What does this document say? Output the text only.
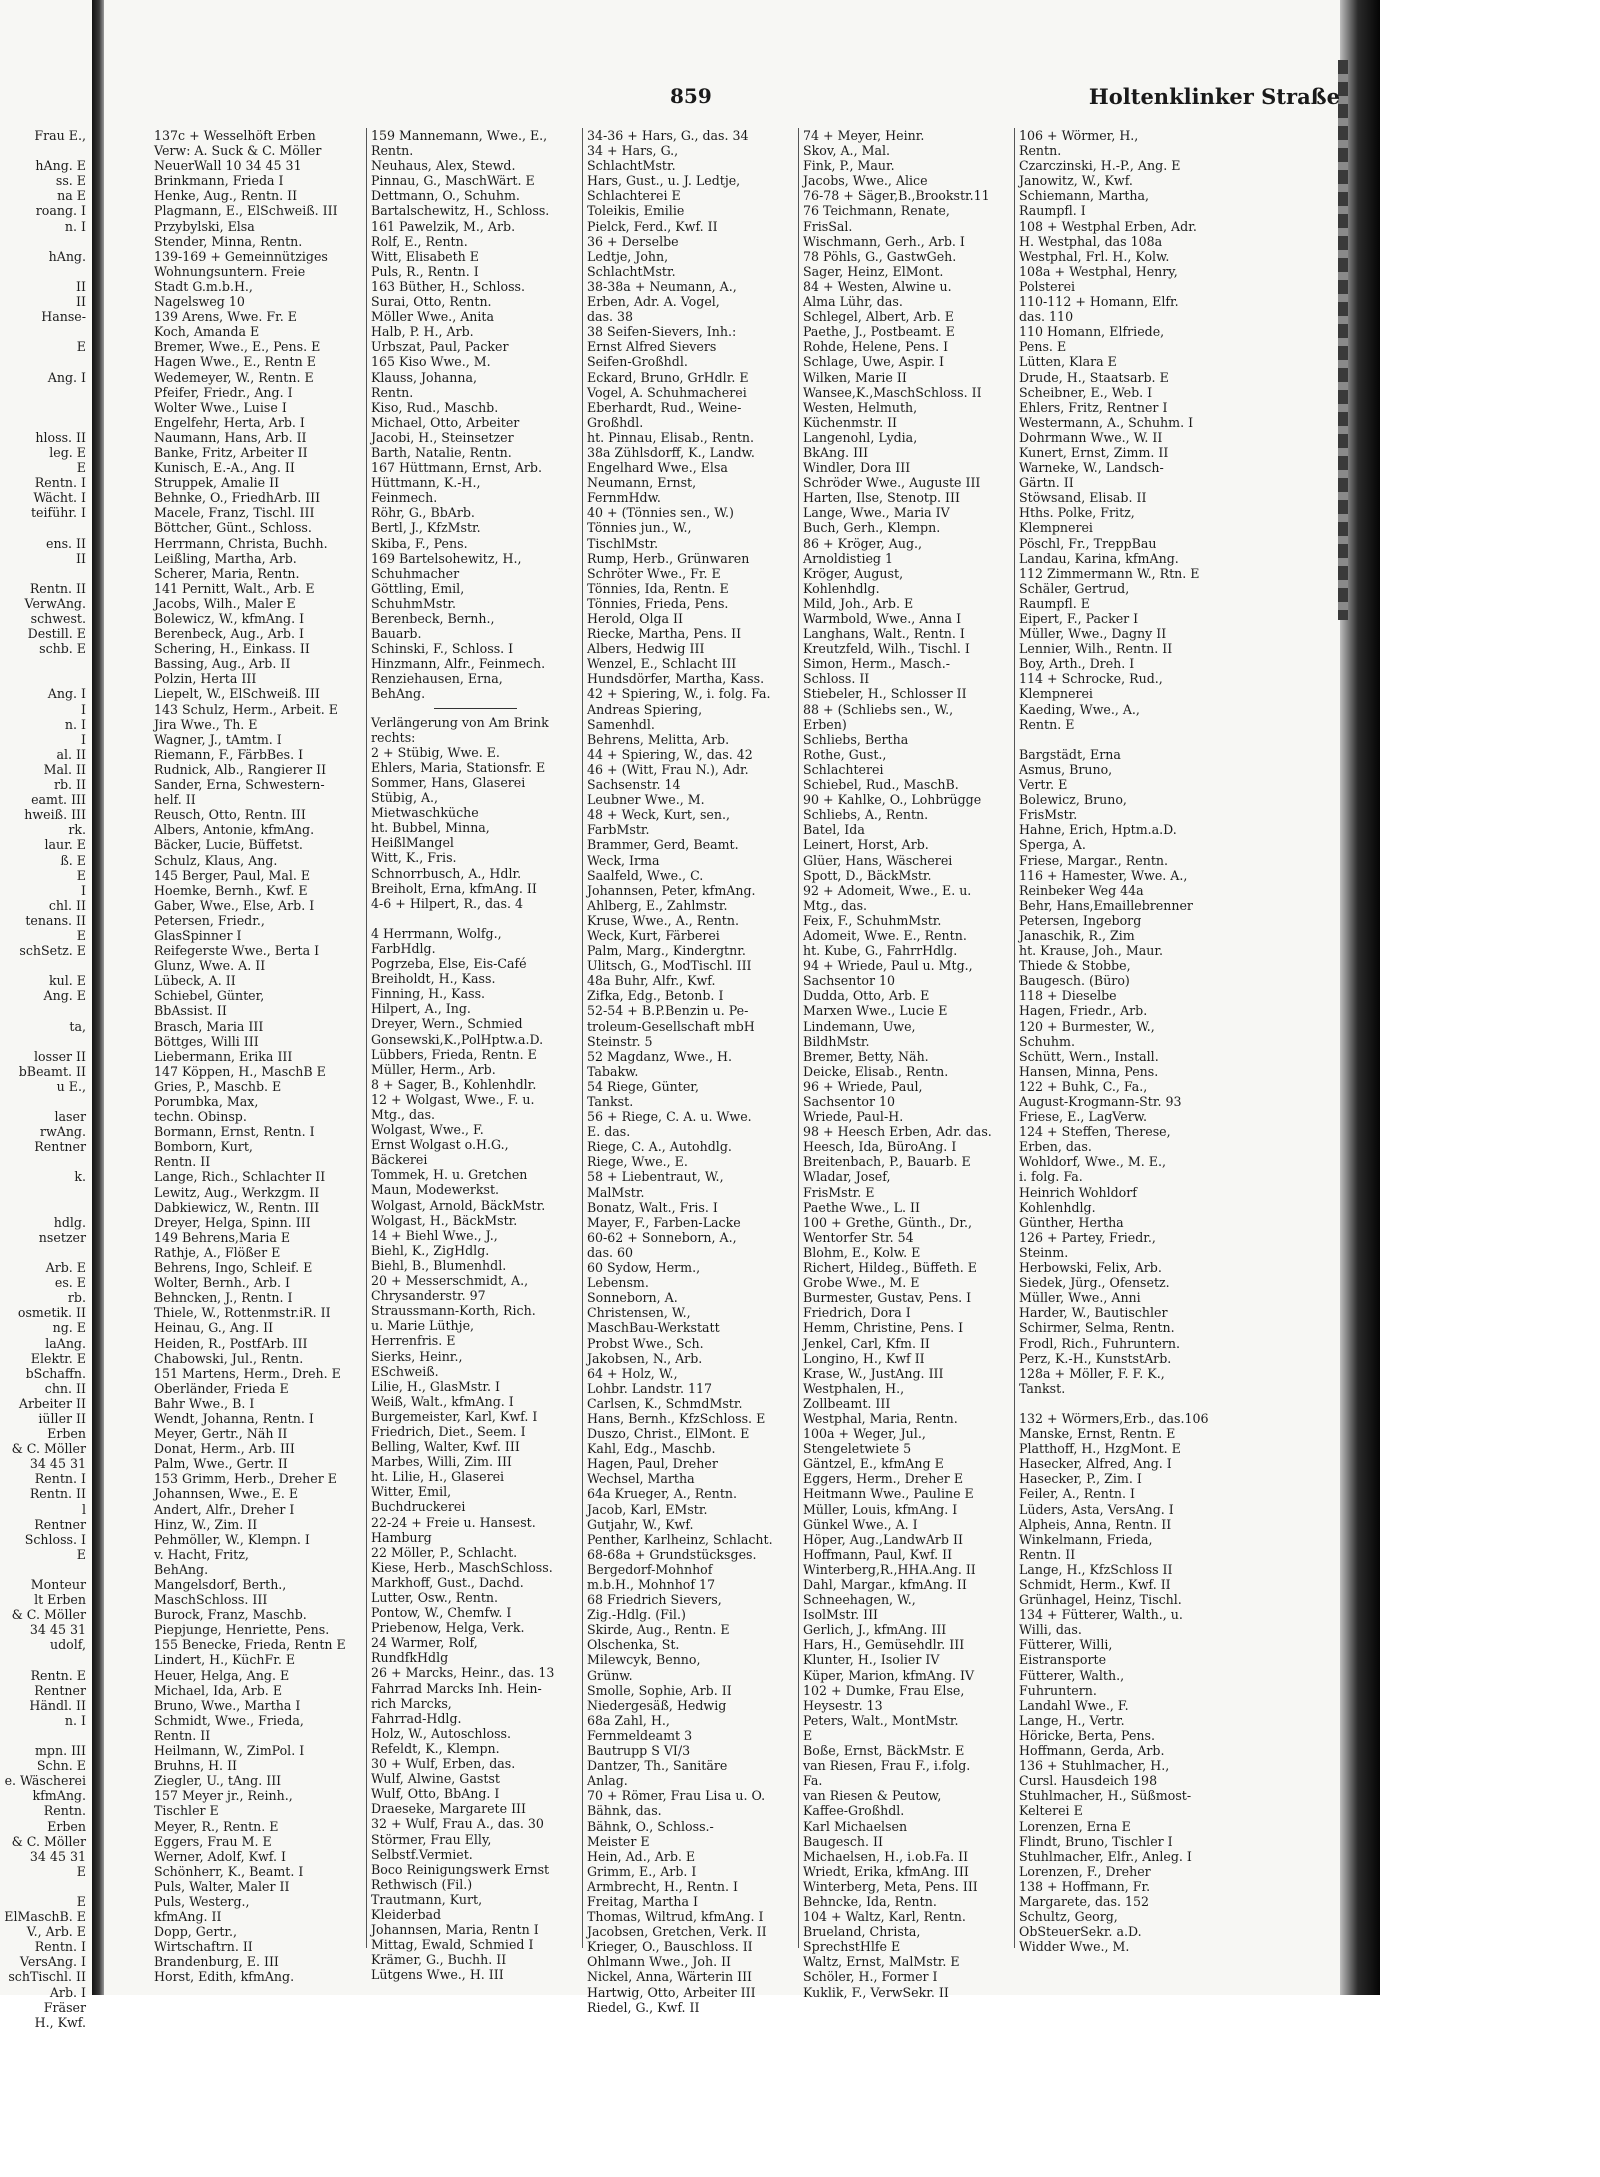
859	Holtenklinker Straße
Frau E.,

hAng. E
ss. E
na E
roang. I
n. I

hAng.

II
II
Hanse-

E

Ang. I

hloss. II
leg. E
E
Rentn. I
Wächt. I
teiführ. I

ens. II
II

Rentn. II
VerwAng.
schwest.
Destill. E
schb. E

Ang. I
I
n. I
I
al. II
Mal. II
rb. II
eamt. III
hweiß. III
rk.
laur. E
ß. E
E
I
chl. II
tenans. II
E
schSetz. E

kul. E
Ang. E

ta,

losser II
bBeamt. II
u E.,

laser
rwAng.
Rentner

k.

hdlg.
nsetzer

Arb. E
es. E
rb.
osmetik. II
ng. E
laAng.
Elektr. E
bSchaffn.
chn. II
Arbeiter II
iüller II
Erben
& C. Möller
34 45 31
Rentn. I
Rentn. II
l
Rentner
Schloss. I
E

Monteur
lt Erben
& C. Möller
34 45 31
udolf,

Rentn. E
Rentner
Händl. II
n. I

mpn. III
Schn. E
e. Wäscherei
kfmAng.
Rentn.
Erben
& C. Möller
34 45 31
E

E
ElMaschB. E
V., Arb. E
Rentn. I
VersAng. I
schTischl. II
Arb. I
Fräser
H., Kwf.
137c + Wesselhöft Erben
Verw: A. Suck & C. Möller
NeuerWall 10 34 45 31
Brinkmann, Frieda I
Henke, Aug., Rentn. II
Plagmann, E., ElSchweiß. III
Przybylski, Elsa
Stender, Minna, Rentn.
139-169 + Gemeinnütziges
Wohnungsuntern. Freie
Stadt G.m.b.H.,
Nagelsweg 10
139 Arens, Wwe. Fr. E
Koch, Amanda E
Bremer, Wwe., E., Pens. E
Hagen Wwe., E., Rentn E
Wedemeyer, W., Rentn. E
Pfeifer, Friedr., Ang. I
Wolter Wwe., Luise I
Engelfehr, Herta, Arb. I
Naumann, Hans, Arb. II
Banke, Fritz, Arbeiter II
Kunisch, E.-A., Ang. II
Struppek, Amalie II
Behnke, O., FriedhArb. III
Macele, Franz, Tischl. III
Böttcher, Günt., Schloss.
Herrmann, Christa, Buchh.
Leißling, Martha, Arb.
Scherer, Maria, Rentn.
141 Pernitt, Walt., Arb. E
Jacobs, Wilh., Maler E
Bolewicz, W., kfmAng. I
Berenbeck, Aug., Arb. I
Schering, H., Einkass. II
Bassing, Aug., Arb. II
Polzin, Herta III
Liepelt, W., ElSchweiß. III
143 Schulz, Herm., Arbeit. E
Jira Wwe., Th. E
Wagner, J., tAmtm. I
Riemann, F., FärbBes. I
Rudnick, Alb., Rangierer II
Sander, Erna, Schwestern-
helf. II
Reusch, Otto, Rentn. III
Albers, Antonie, kfmAng.
Bäcker, Lucie, Büffetst.
Schulz, Klaus, Ang.
145 Berger, Paul, Mal. E
Hoemke, Bernh., Kwf. E
Gaber, Wwe., Else, Arb. I
Petersen, Friedr.,
GlasSpinner I
Reifegerste Wwe., Berta I
Glunz, Wwe. A. II
Lübeck, A. II
Schiebel, Günter,
BbAssist. II
Brasch, Maria III
Böttges, Willi III
Liebermann, Erika III
147 Köppen, H., MaschB E
Gries, P., Maschb. E
Porumbka, Max,
techn. Obinsp.
Bormann, Ernst, Rentn. I
Bomborn, Kurt,
Rentn. II
Lange, Rich., Schlachter II
Lewitz, Aug., Werkzgm. II
Dabkiewicz, W., Rentn. III
Dreyer, Helga, Spinn. III
149 Behrens,Maria E
Rathje, A., Flößer E
Behrens, Ingo, Schleif. E
Wolter, Bernh., Arb. I
Behncken, J., Rentn. I
Thiele, W., Rottenmstr.iR. II
Heinau, G., Ang. II
Heiden, R., PostfArb. III
Chabowski, Jul., Rentn.
151 Martens, Herm., Dreh. E
Oberländer, Frieda E
Bahr Wwe., B. I
Wendt, Johanna, Rentn. I
Meyer, Gertr., Näh II
Donat, Herm., Arb. III
Palm, Wwe., Gertr. II
153 Grimm, Herb., Dreher E
Johannsen, Wwe., E. E
Andert, Alfr., Dreher I
Hinz, W., Zim. II
Pehmöller, W., Klempn. I
v. Hacht, Fritz,
BehAng.
Mangelsdorf, Berth.,
MaschSchloss. III
Burock, Franz, Maschb.
Piepjunge, Henriette, Pens.
155 Benecke, Frieda, Rentn E
Lindert, H., KüchFr. E
Heuer, Helga, Ang. E
Michael, Ida, Arb. E
Bruno, Wwe., Martha I
Schmidt, Wwe., Frieda,
Rentn. II
Heilmann, W., ZimPol. I
Bruhns, H. II
Ziegler, U., tAng. III
157 Meyer jr., Reinh.,
Tischler E
Meyer, R., Rentn. E
Eggers, Frau M. E
Werner, Adolf, Kwf. I
Schönherr, K., Beamt. I
Puls, Walter, Maler II
Puls, Westerg.,
kfmAng. II
Dopp, Gertr.,
Wirtschaftrn. II
Brandenburg, E. III
Horst, Edith, kfmAng.
159 Mannemann, Wwe., E.,
Rentn.
Neuhaus, Alex, Stewd.
Pinnau, G., MaschWärt. E
Dettmann, O., Schuhm.
Bartalschewitz, H., Schloss.
161 Pawelzik, M., Arb.
Rolf, E., Rentn.
Witt, Elisabeth E
Puls, R., Rentn. I
163 Büther, H., Schloss.
Surai, Otto, Rentn.
Möller Wwe., Anita
Halb, P. H., Arb.
Urbszat, Paul, Packer
165 Kiso Wwe., M.
Klauss, Johanna,
Rentn.
Kiso, Rud., Maschb.
Michael, Otto, Arbeiter
Jacobi, H., Steinsetzer
Barth, Natalie, Rentn.
167 Hüttmann, Ernst, Arb.
Hüttmann, K.-H.,
Feinmech.
Röhr, G., BbArb.
Bertl, J., KfzMstr.
Skiba, F., Pens.
169 Bartelsohewitz, H.,
Schuhmacher
Göttling, Emil,
SchuhmMstr.
Berenbeck, Bernh.,
Bauarb.
Schinski, F., Schloss. I
Hinzmann, Alfr., Feinmech.
Renziehausen, Erna,
BehAng.
Verlängerung von Am Brink
rechts:
2 + Stübig, Wwe. E.
Ehlers, Maria, Stationsfr. E
Sommer, Hans, Glaserei
Stübig, A.,
Mietwaschküche
ht. Bubbel, Minna,
HeißlMangel
Witt, K., Fris.
Schnorrbusch, A., Hdlr.
Breiholt, Erna, kfmAng. II
4-6 + Hilpert, R., das. 4

4 Herrmann, Wolfg.,
FarbHdlg.
Pogrzeba, Else, Eis-Café
Breiholdt, H., Kass.
Finning, H., Kass.
Hilpert, A., Ing.
Dreyer, Wern., Schmied
Gonsewski,K.,PolHptw.a.D.
Lübbers, Frieda, Rentn. E
Müller, Herm., Arb.
8 + Sager, B., Kohlenhdlr.
12 + Wolgast, Wwe., F. u.
Mtg., das.
Wolgast, Wwe., F.
Ernst Wolgast o.H.G.,
Bäckerei
Tommek, H. u. Gretchen
Maun, Modewerkst.
Wolgast, Arnold, BäckMstr.
Wolgast, H., BäckMstr.
14 + Biehl Wwe., J.,
Biehl, K., ZigHdlg.
Biehl, B., Blumenhdl.
20 + Messerschmidt, A.,
Chrysanderstr. 97
Straussmann-Korth, Rich.
u. Marie Lüthje,
Herrenfris. E
Sierks, Heinr.,
ESchweiß.
Lilie, H., GlasMstr. I
Weiß, Walt., kfmAng. I
Burgemeister, Karl, Kwf. I
Friedrich, Diet., Seem. I
Belling, Walter, Kwf. III
Marbes, Willi, Zim. III
ht. Lilie, H., Glaserei
Witter, Emil,
Buchdruckerei
22-24 + Freie u. Hansest.
Hamburg
22 Möller, P., Schlacht.
Kiese, Herb., MaschSchloss.
Markhoff, Gust., Dachd.
Lutter, Osw., Rentn.
Pontow, W., Chemfw. I
Priebenow, Helga, Verk.
24 Warmer, Rolf,
RundfkHdlg
26 + Marcks, Heinr., das. 13
Fahrrad Marcks Inh. Hein-
rich Marcks,
Fahrrad-Hdlg.
Holz, W., Autoschloss.
Refeldt, K., Klempn.
30 + Wulf, Erben, das.
Wulf, Alwine, Gastst
Wulf, Otto, BbAng. I
Draeseke, Margarete III
32 + Wulf, Frau A., das. 30
Störmer, Frau Elly,
Selbstf.Vermiet.
Boco Reinigungswerk Ernst
Rethwisch (Fil.)
Trautmann, Kurt,
Kleiderbad
Johannsen, Maria, Rentn I
Mittag, Ewald, Schmied I
Krämer, G., Buchh. II
Lütgens Wwe., H. III
34-36 + Hars, G., das. 34
34 + Hars, G.,
SchlachtMstr.
Hars, Gust., u. J. Ledtje,
Schlachterei E
Toleikis, Emilie
Pielck, Ferd., Kwf. II
36 + Derselbe
Ledtje, John,
SchlachtMstr.
38-38a + Neumann, A.,
Erben, Adr. A. Vogel,
das. 38
38 Seifen-Sievers, Inh.:
Ernst Alfred Sievers
Seifen-Großhdl.
Eckard, Bruno, GrHdlr. E
Vogel, A. Schuhmacherei
Eberhardt, Rud., Weine-
Großhdl.
ht. Pinnau, Elisab., Rentn.
38a Zühlsdorff, K., Landw.
Engelhard Wwe., Elsa
Neumann, Ernst,
FernmHdw.
40 + (Tönnies sen., W.)
Tönnies jun., W.,
TischlMstr.
Rump, Herb., Grünwaren
Schröter Wwe., Fr. E
Tönnies, Ida, Rentn. E
Tönnies, Frieda, Pens.
Herold, Olga II
Riecke, Martha, Pens. II
Albers, Hedwig III
Wenzel, E., Schlacht III
Hundsdörfer, Martha, Kass.
42 + Spiering, W., i. folg. Fa.
Andreas Spiering,
Samenhdl.
Behrens, Melitta, Arb.
44 + Spiering, W., das. 42
46 + (Witt, Frau N.), Adr.
Sachsenstr. 14
Leubner Wwe., M.
48 + Weck, Kurt, sen.,
FarbMstr.
Brammer, Gerd, Beamt.
Weck, Irma
Saalfeld, Wwe., C.
Johannsen, Peter, kfmAng.
Ahlberg, E., Zahlmstr.
Kruse, Wwe., A., Rentn.
Weck, Kurt, Färberei
Palm, Marg., Kindergtnr.
Ulitsch, G., ModTischl. III
48a Buhr, Alfr., Kwf.
Zifka, Edg., Betonb. I
52-54 + B.P.Benzin u. Pe-
troleum-Gesellschaft mbH
Steinstr. 5
52 Magdanz, Wwe., H.
Tabakw.
54 Riege, Günter,
Tankst.
56 + Riege, C. A. u. Wwe.
E. das.
Riege, C. A., Autohdlg.
Riege, Wwe., E.
58 + Liebentraut, W.,
MalMstr.
Bonatz, Walt., Fris. I
Mayer, F., Farben-Lacke
60-62 + Sonneborn, A.,
das. 60
60 Sydow, Herm.,
Lebensm.
Sonneborn, A.
Christensen, W.,
MaschBau-Werkstatt
Probst Wwe., Sch.
Jakobsen, N., Arb.
64 + Holz, W.,
Lohbr. Landstr. 117
Carlsen, K., SchmdMstr.
Hans, Bernh., KfzSchloss. E
Duszo, Christ., ElMont. E
Kahl, Edg., Maschb.
Hagen, Paul, Dreher
Wechsel, Martha
64a Krueger, A., Rentn.
Jacob, Karl, EMstr.
Gutjahr, W., Kwf.
Penther, Karlheinz, Schlacht.
68-68a + Grundstücksges.
Bergedorf-Mohnhof
m.b.H., Mohnhof 17
68 Friedrich Sievers,
Zig.-Hdlg. (Fil.)
Skirde, Aug., Rentn. E
Olschenka, St.
Milewcyk, Benno,
Grünw.
Smolle, Sophie, Arb. II
Niedergesäß, Hedwig
68a Zahl, H.,
Fernmeldeamt 3
Bautrupp S VI/3
Dantzer, Th., Sanitäre
Anlag.
70 + Römer, Frau Lisa u. O.
Bähnk, das.
Bähnk, O., Schloss.-
Meister E
Hein, Ad., Arb. E
Grimm, E., Arb. I
Armbrecht, H., Rentn. I
Freitag, Martha I
Thomas, Wiltrud, kfmAng. I
Jacobsen, Gretchen, Verk. II
Krieger, O., Bauschloss. II
Ohlmann Wwe., Joh. II
Nickel, Anna, Wärterin III
Hartwig, Otto, Arbeiter III
Riedel, G., Kwf. II
74 + Meyer, Heinr.
Skov, A., Mal.
Fink, P., Maur.
Jacobs, Wwe., Alice
76-78 + Säger,B.,Brookstr.11
76 Teichmann, Renate,
FrisSal.
Wischmann, Gerh., Arb. I
78 Pöhls, G., GastwGeh.
Sager, Heinz, ElMont.
84 + Westen, Alwine u.
Alma Lühr, das.
Schlegel, Albert, Arb. E
Paethe, J., Postbeamt. E
Rohde, Helene, Pens. I
Schlage, Uwe, Aspir. I
Wilken, Marie II
Wansee,K.,MaschSchloss. II
Westen, Helmuth,
Küchenmstr. II
Langenohl, Lydia,
BkAng. III
Windler, Dora III
Schröder Wwe., Auguste III
Harten, Ilse, Stenotp. III
Lange, Wwe., Maria IV
Buch, Gerh., Klempn.
86 + Kröger, Aug.,
Arnoldistieg 1
Kröger, August,
Kohlenhdlg.
Mild, Joh., Arb. E
Warmbold, Wwe., Anna I
Langhans, Walt., Rentn. I
Kreutzfeld, Wilh., Tischl. I
Simon, Herm., Masch.-
Schloss. II
Stiebeler, H., Schlosser II
88 + (Schliebs sen., W.,
Erben)
Schliebs, Bertha
Rothe, Gust.,
Schlachterei
Schiebel, Rud., MaschB.
90 + Kahlke, O., Lohbrügge
Schliebs, A., Rentn.
Batel, Ida
Leinert, Horst, Arb.
Glüer, Hans, Wäscherei
Spott, D., BäckMstr.
92 + Adomeit, Wwe., E. u.
Mtg., das.
Feix, F., SchuhmMstr.
Adomeit, Wwe. E., Rentn.
ht. Kube, G., FahrrHdlg.
94 + Wriede, Paul u. Mtg.,
Sachsentor 10
Dudda, Otto, Arb. E
Marxen Wwe., Lucie E
Lindemann, Uwe,
BildhMstr.
Bremer, Betty, Näh.
Deicke, Elisab., Rentn.
96 + Wriede, Paul,
Sachsentor 10
Wriede, Paul-H.
98 + Heesch Erben, Adr. das.
Heesch, Ida, BüroAng. I
Breitenbach, P., Bauarb. E
Wladar, Josef,
FrisMstr. E
Paethe Wwe., L. II
100 + Grethe, Günth., Dr.,
Wentorfer Str. 54
Blohm, E., Kolw. E
Richert, Hildeg., Büffeth. E
Grobe Wwe., M. E
Burmester, Gustav, Pens. I
Friedrich, Dora I
Hemm, Christine, Pens. I
Jenkel, Carl, Kfm. II
Longino, H., Kwf II
Krase, W., JustAng. III
Westphalen, H.,
Zollbeamt. III
Westphal, Maria, Rentn.
100a + Weger, Jul.,
Stengeletwiete 5
Gäntzel, E., kfmAng E
Eggers, Herm., Dreher E
Heitmann Wwe., Pauline E
Müller, Louis, kfmAng. I
Günkel Wwe., A. I
Höper, Aug.,LandwArb II
Hoffmann, Paul, Kwf. II
Winterberg,R.,HHA.Ang. II
Dahl, Margar., kfmAng. II
Schneehagen, W.,
IsolMstr. III
Gerlich, J., kfmAng. III
Hars, H., Gemüsehdlr. III
Klunter, H., Isolier IV
Küper, Marion, kfmAng. IV
102 + Dumke, Frau Else,
Heysestr. 13
Peters, Walt., MontMstr.
E
Boße, Ernst, BäckMstr. E
van Riesen, Frau F., i.folg.
Fa.
van Riesen & Peutow,
Kaffee-Großhdl.
Karl Michaelsen
Baugesch. II
Michaelsen, H., i.ob.Fa. II
Wriedt, Erika, kfmAng. III
Winterberg, Meta, Pens. III
Behncke, Ida, Rentn.
104 + Waltz, Karl, Rentn.
Brueland, Christa,
SprechstHlfe E
Waltz, Ernst, MalMstr. E
Schöler, H., Former I
Kuklik, F., VerwSekr. II
106 + Wörmer, H.,
Rentn.
Czarczinski, H.-P., Ang. E
Janowitz, W., Kwf.
Schiemann, Martha,
Raumpfl. I
108 + Westphal Erben, Adr.
H. Westphal, das 108a
Westphal, Frl. H., Kolw.
108a + Westphal, Henry,
Polsterei
110-112 + Homann, Elfr.
das. 110
110 Homann, Elfriede,
Pens. E
Lütten, Klara E
Drude, H., Staatsarb. E
Scheibner, E., Web. I
Ehlers, Fritz, Rentner I
Westermann, A., Schuhm. I
Dohrmann Wwe., W. II
Kunert, Ernst, Zimm. II
Warneke, W., Landsch-
Gärtn. II
Stöwsand, Elisab. II
Hths. Polke, Fritz,
Klempnerei
Pöschl, Fr., TreppBau
Landau, Karina, kfmAng.
112 Zimmermann W., Rtn. E
Schäler, Gertrud,
Raumpfl. E
Eipert, F., Packer I
Müller, Wwe., Dagny II
Lennier, Wilh., Rentn. II
Boy, Arth., Dreh. I
114 + Schrocke, Rud.,
Klempnerei
Kaeding, Wwe., A.,
Rentn. E

Bargstädt, Erna
Asmus, Bruno,
Vertr. E
Bolewicz, Bruno,
FrisMstr.
Hahne, Erich, Hptm.a.D.
Sperga, A.
Friese, Margar., Rentn.
116 + Hamester, Wwe. A.,
Reinbeker Weg 44a
Behr, Hans,Emaillebrenner
Petersen, Ingeborg
Janaschik, R., Zim
ht. Krause, Joh., Maur.
Thiede & Stobbe,
Baugesch. (Büro)
118 + Dieselbe
Hagen, Friedr., Arb.
120 + Burmester, W.,
Schuhm.
Schütt, Wern., Install.
Hansen, Minna, Pens.
122 + Buhk, C., Fa.,
August-Krogmann-Str. 93
Friese, E., LagVerw.
124 + Steffen, Therese,
Erben, das.
Wohldorf, Wwe., M. E.,
i. folg. Fa.
Heinrich Wohldorf
Kohlenhdlg.
Günther, Hertha
126 + Partey, Friedr.,
Steinm.
Herbowski, Felix, Arb.
Siedek, Jürg., Ofensetz.
Müller, Wwe., Anni
Harder, W., Bautischler
Schirmer, Selma, Rentn.
Frodl, Rich., Fuhruntern.
Perz, K.-H., KunststArb.
128a + Möller, F. F. K.,
Tankst.

132 + Wörmers,Erb., das.106
Manske, Ernst, Rentn. E
Platthoff, H., HzgMont. E
Hasecker, Alfred, Ang. I
Hasecker, P., Zim. I
Feiler, A., Rentn. I
Lüders, Asta, VersAng. I
Alpheis, Anna, Rentn. II
Winkelmann, Frieda,
Rentn. II
Lange, H., KfzSchloss II
Schmidt, Herm., Kwf. II
Grünhagel, Heinz, Tischl.
134 + Fütterer, Walth., u.
Willi, das.
Fütterer, Willi,
Eistransporte
Fütterer, Walth.,
Fuhruntern.
Landahl Wwe., F.
Lange, H., Vertr.
Höricke, Berta, Pens.
Hoffmann, Gerda, Arb.
136 + Stuhlmacher, H.,
Cursl. Hausdeich 198
Stuhlmacher, H., Süßmost-
Kelterei E
Lorenzen, Erna E
Flindt, Bruno, Tischler I
Stuhlmacher, Elfr., Anleg. I
Lorenzen, F., Dreher
138 + Hoffmann, Fr.
Margarete, das. 152
Schultz, Georg,
ObSteuerSekr. a.D.
Widder Wwe., M.
